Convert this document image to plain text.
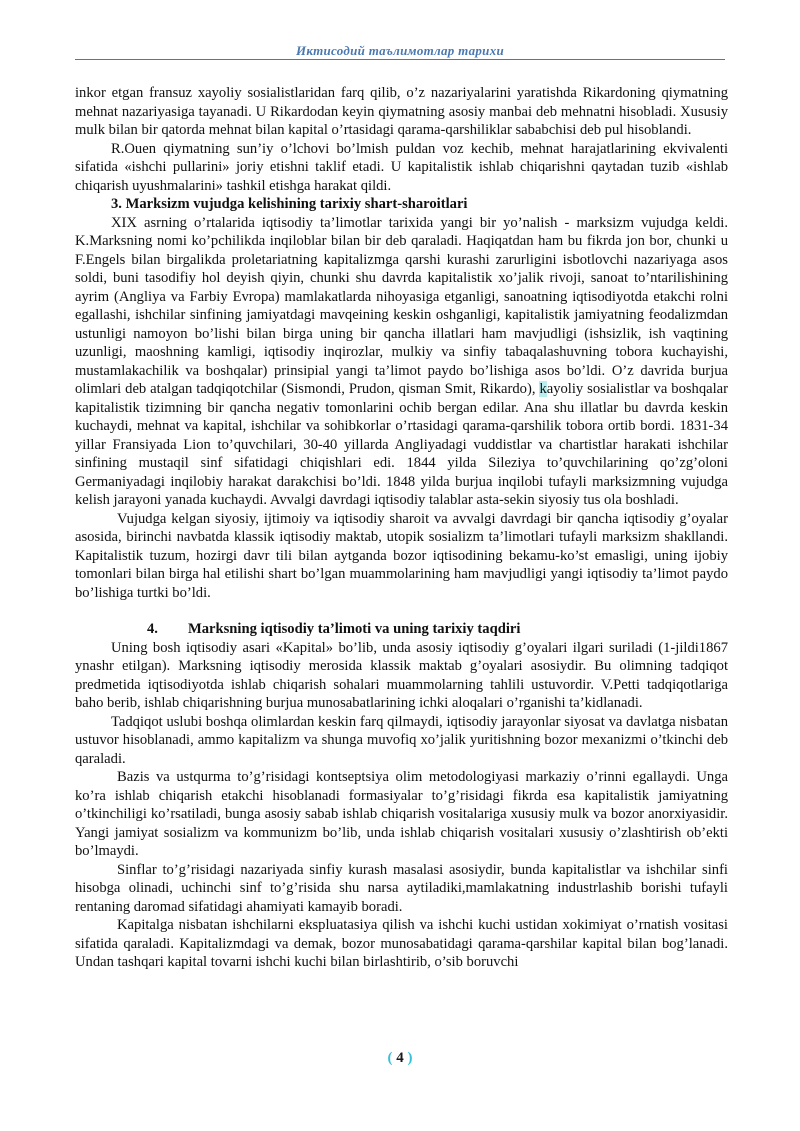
Иктисодий таълимотлар тарихи

inkor etgan fransuz xayoliy sosialistlaridan farq qilib, o’z nazariyalarini yaratishda Rikardoning qiymatning mehnat nazariyasiga tayanadi. U Rikardodan keyin qiymatning asosiy manbai deb mehnatni hisobladi. Xususiy mulk bilan bir qatorda mehnat bilan kapital o’rtasidagi qarama-qarshiliklar sababchisi deb pul hisoblandi.

R.Ouen qiymatning sun’iy o’lchovi bo’lmish puldan voz kechib, mehnat harajatlarining ekvivalenti sifatida «ishchi pullarini» joriy etishni taklif etadi. U kapitalistik ishlab chiqarishni qaytadan tuzib «ishlab chiqarish uyushmalarini» tashkil etishga harakat qildi.

3. Marksizm vujudga kelishining tarixiy shart-sharoitlari

XIX asrning o’rtalarida iqtisodiy ta’limotlar tarixida yangi bir yo’nalish - marksizm vujudga keldi. K.Marksning nomi ko’pchilikda inqiloblar bilan bir deb qaraladi. Haqiqatdan ham bu fikrda jon bor, chunki u F.Engels bilan birgalikda proletariatning kapitalizmga qarshi kurashi zarurligini isbotlovchi nazariyaga asos soldi, buni tasodifiy hol deyish qiyin, chunki shu davrda kapitalistik xo’jalik rivoji, sanoat to’ntarilishining ayrim (Angliya va Farbiy Evropa) mamlakatlarda nihoyasiga etganligi, sanoatning iqtisodiyotda etakchi rolni egallashi, ishchilar sinfining jamiyatdagi mavqeining keskin oshganligi, kapitalistik jamiyatning feodalizmdan ustunligi namoyon bo’lishi bilan birga uning bir qancha illatlari ham mavjudligi (ishsizlik, ish vaqtining uzunligi, maoshning kamligi, iqtisodiy inqirozlar, mulkiy va sinfiy tabaqalashuvning tobora kuchayishi, mustamlakachilik va boshqalar) prinsipial yangi ta’limot paydo bo’lishiga asos bo’ldi. O’z davrida burjua olimlari deb atalgan tadqiqotchilar (Sismondi, Prudon, qisman Smit, Rikardo), kayoliy sosialistlar va boshqalar kapitalistik tizimning bir qancha negativ tomonlarini ochib bergan edilar. Ana shu illatlar bu davrda keskin kuchaydi, mehnat va kapital, ishchilar va sohibkorlar o’rtasidagi qarama-qarshilik tobora ortib bordi. 1831-34 yillar Fransiyada Lion to’quvchilari, 30-40 yillarda Angliyadagi vuddistlar va chartistlar harakati ishchilar sinfining mustaqil sinf sifatidagi chiqishlari edi. 1844 yilda Sileziya to’quvchilarining qo’zg’oloni Germaniyadagi inqilobiy harakat darakchisi bo’ldi. 1848 yilda burjua inqilobi tufayli marksizmning vujudga kelish jarayoni yanada kuchaydi. Avvalgi davrdagi iqtisodiy talablar asta-sekin siyosiy tus ola boshladi.

Vujudga kelgan siyosiy, ijtimoiy va iqtisodiy sharoit va avvalgi davrdagi bir qancha iqtisodiy g’oyalar asosida, birinchi navbatda klassik iqtisodiy maktab, utopik sosializm ta’limotlari tufayli marksizm shakllandi. Kapitalistik tuzum, hozirgi davr tili bilan aytganda bozor iqtisodining bekamu-ko’st emasligi, uning ijobiy tomonlari bilan birga hal etilishi shart bo’lgan muammolarining ham mavjudligi yangi iqtisodiy ta’limot paydo bo’lishiga turtki bo’ldi.

4. Marksning iqtisodiy ta’limoti va uning tarixiy taqdiri

Uning bosh iqtisodiy asari «Kapital» bo’lib, unda asosiy iqtisodiy g’oyalari ilgari suriladi (1-jildi1867 ynashr etilgan). Marksning iqtisodiy merosida klassik maktab g’oyalari asosiydir. Bu olimning tadqiqot predmetida iqtisodiyotda ishlab chiqarish sohalari muammolarning tahlili ustuvordir. V.Petti tadqiqotlariga baho berib, ishlab chiqarishning burjua munosabatlarining ichki aloqalari o’rganishi ta’kidlanadi.

Tadqiqot uslubi boshqa olimlardan keskin farq qilmaydi, iqtisodiy jarayonlar siyosat va davlatga nisbatan ustuvor hisoblanadi, ammo kapitalizm va shunga muvofiq xo’jalik yuritishning bozor mexanizmi o’tkinchi deb qaraladi.

Bazis va ustqurma to’g’risidagi kontseptsiya olim metodologiyasi markaziy o’rinni egallaydi. Unga ko’ra ishlab chiqarish etakchi hisoblanadi formasiyalar to’g’risidagi fikrda esa kapitalistik jamiyatning o’tkinchiligi ko’rsatiladi, bunga asosiy sabab ishlab chiqarish vositalariga xususiy mulk va bozor anorxiyasidir. Yangi jamiyat sosializm va kommunizm bo’lib, unda ishlab chiqarish vositalari xususiy o’zlashtirish ob’ekti bo’lmaydi.

Sinflar to’g’risidagi nazariyada sinfiy kurash masalasi asosiydir, bunda kapitalistlar va ishchilar sinfi hisobga olinadi, uchinchi sinf to’g’risida shu narsa aytiladiki,mamlakatning industrlashib borishi tufayli rentaning daromad sifatidagi ahamiyati kamayib boradi.

Kapitalga nisbatan ishchilarni ekspluatasiya qilish va ishchi kuchi ustidan xokimiyat o’rnatish vositasi sifatida qaraladi. Kapitalizmdagi va demak, bozor munosabatidagi qarama-qarshilar kapital bilan bog’lanadi. Undan tashqari kapital tovarni ishchi kuchi bilan birlashtirib, o’sib boruvchi

( 4 )
